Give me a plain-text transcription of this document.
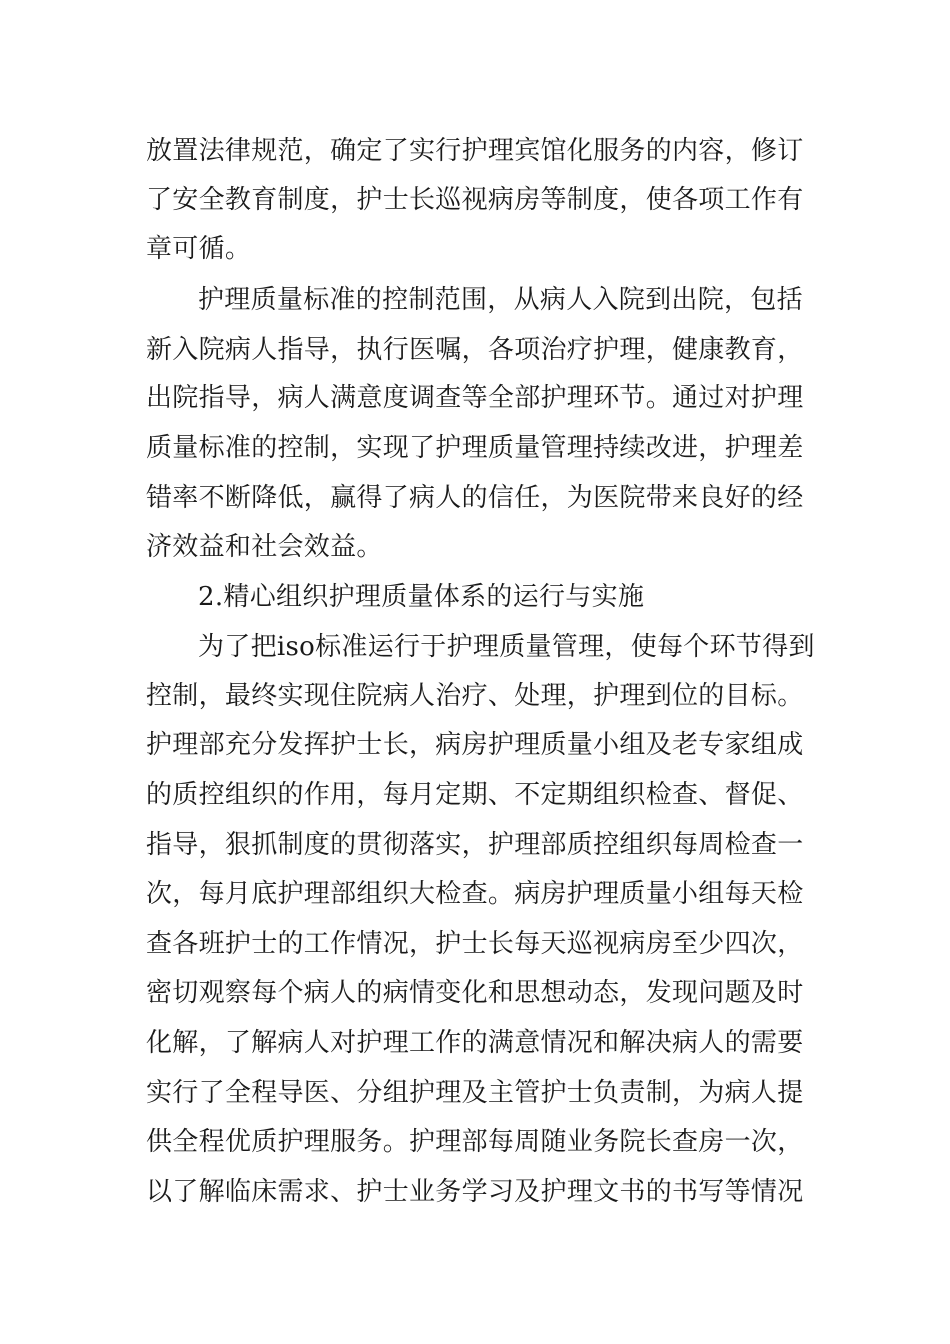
放置法律规范，确定了实行护理宾馆化服务的内容，修订
了安全教育制度，护士长巡视病房等制度，使各项工作有
章可循。
护理质量标准的控制范围，从病人入院到出院，包括
新入院病人指导，执行医嘱，各项治疗护理，健康教育，
出院指导，病人满意度调查等全部护理环节。通过对护理
质量标准的控制，实现了护理质量管理持续改进，护理差
错率不断降低，赢得了病人的信任，为医院带来良好的经
济效益和社会效益。
2.精心组织护理质量体系的运行与实施
为了把iso标准运行于护理质量管理，使每个环节得到
控制，最终实现住院病人治疗、处理，护理到位的目标。
护理部充分发挥护士长，病房护理质量小组及老专家组成
的质控组织的作用，每月定期、不定期组织检查、督促、
指导，狠抓制度的贯彻落实，护理部质控组织每周检查一
次，每月底护理部组织大检查。病房护理质量小组每天检
查各班护士的工作情况，护士长每天巡视病房至少四次，
密切观察每个病人的病情变化和思想动态，发现问题及时
化解，了解病人对护理工作的满意情况和解决病人的需要
实行了全程导医、分组护理及主管护士负责制，为病人提
供全程优质护理服务。护理部每周随业务院长查房一次，
以了解临床需求、护士业务学习及护理文书的书写等情况
